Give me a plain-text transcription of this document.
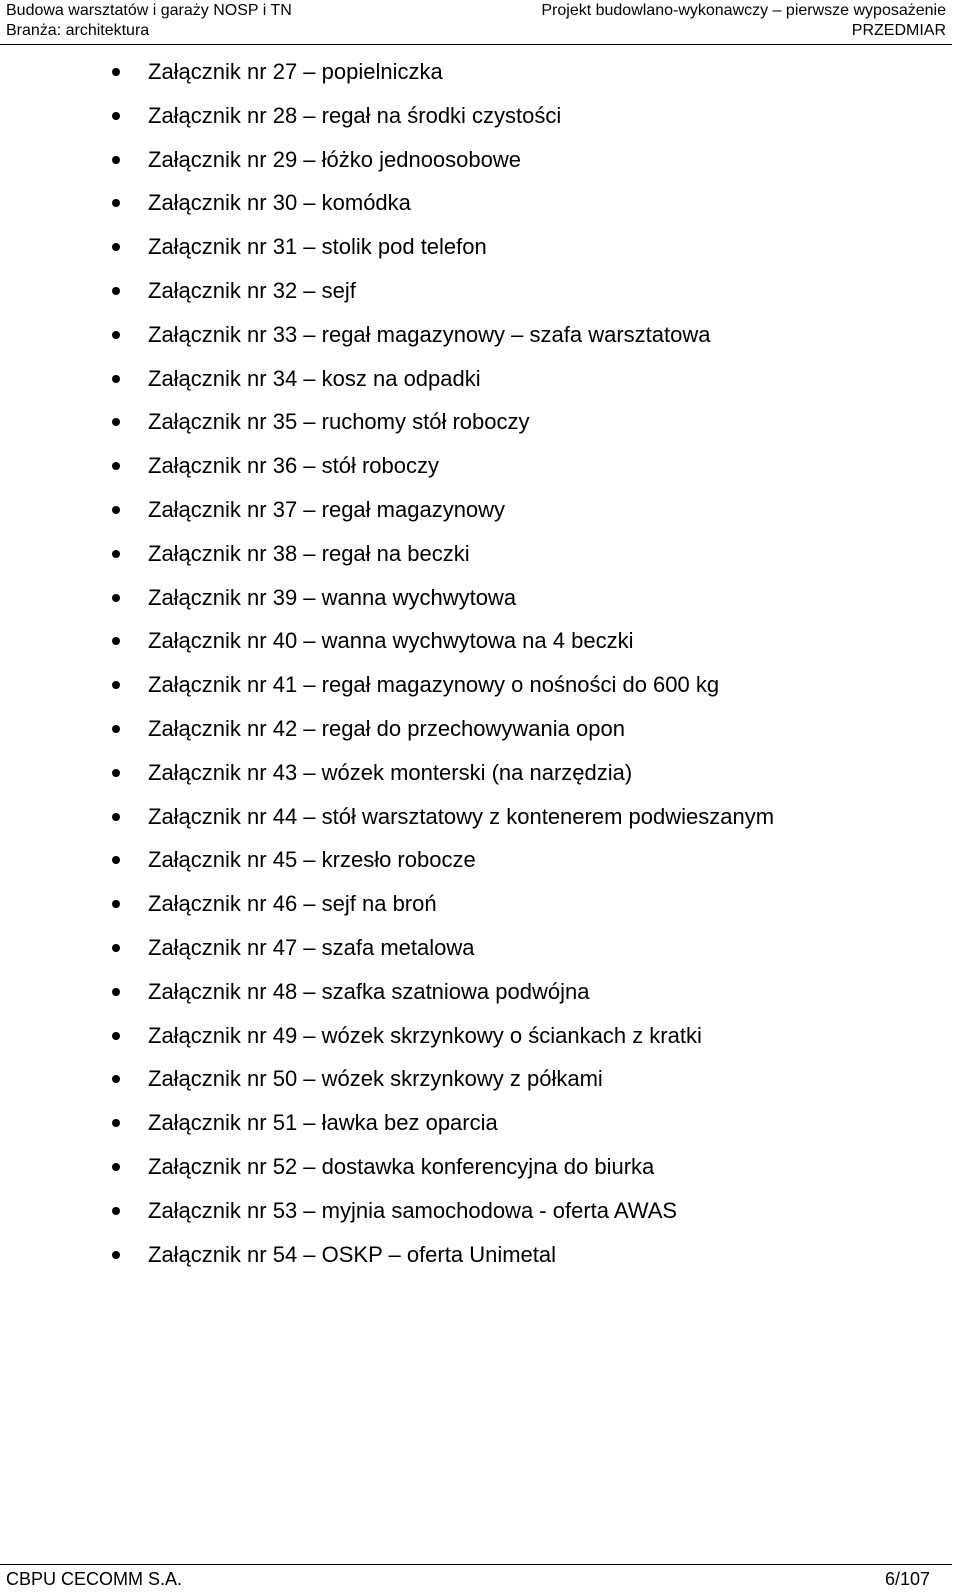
Budowa warsztatów i garaży NOSP i TN
Branża: architektura
Projekt budowlano-wykonawczy – pierwsze wyposażenie
PRZEDMIAR
Załącznik nr 27 – popielniczka
Załącznik nr 28 – regał na środki czystości
Załącznik nr 29 – łóżko jednoosobowe
Załącznik nr 30 – komódka
Załącznik nr 31 – stolik pod telefon
Załącznik nr 32 – sejf
Załącznik nr 33 – regał magazynowy – szafa warsztatowa
Załącznik nr 34 – kosz na odpadki
Załącznik nr 35 – ruchomy stół roboczy
Załącznik nr 36 – stół roboczy
Załącznik nr 37 – regał magazynowy
Załącznik nr 38 – regał na beczki
Załącznik nr 39 – wanna wychwytowa
Załącznik nr 40 – wanna wychwytowa na 4 beczki
Załącznik nr 41 – regał magazynowy o nośności do 600 kg
Załącznik nr 42 – regał do przechowywania opon
Załącznik nr 43 – wózek monterski (na narzędzia)
Załącznik nr 44 – stół warsztatowy z kontenerem podwieszanym
Załącznik nr 45 – krzesło robocze
Załącznik nr 46 – sejf na broń
Załącznik nr 47 – szafa metalowa
Załącznik nr 48 – szafka szatniowa podwójna
Załącznik nr 49 – wózek skrzynkowy o ściankach z kratki
Załącznik nr 50 – wózek skrzynkowy z półkami
Załącznik nr 51 – ławka bez oparcia
Załącznik nr 52 – dostawka konferencyjna do biurka
Załącznik nr 53 – myjnia samochodowa - oferta AWAS
Załącznik nr 54 – OSKP – oferta Unimetal
CBPU CECOMM S.A.	6/107
